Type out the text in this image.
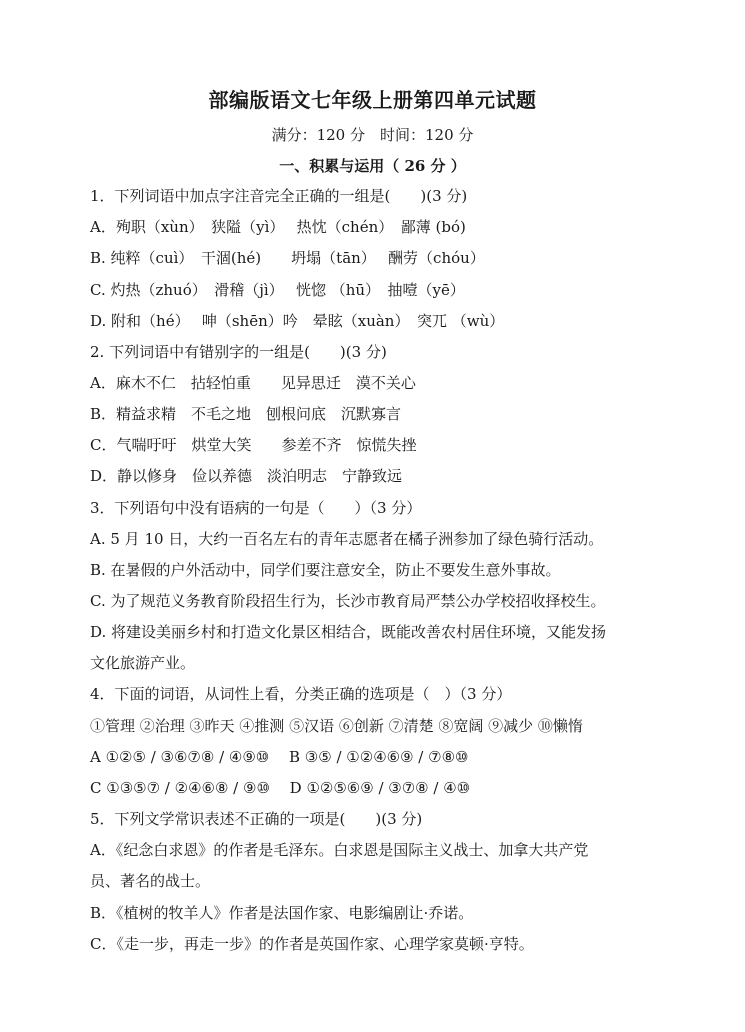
部编版语文七年级上册第四单元试题
满分：120 分　时间：120 分
一、积累与运用（ 26 分 ）
1．下列词语中加点字注音完全正确的一组是(　　)(3 分)
A．殉职（xùn）　狭隘（yì）　 热忱（chén）　鄙薄 (bó)
B. 纯粹（cuì）　干涸(hé)　　坍塌（tān）　 酬劳（chóu）
C. 灼热（zhuó）　滑稽（jì）　 恍惚 （hū）　抽噎（yē）
D. 附和（hé）　 呻（shēn）吟　晕眩（xuàn）　突兀 （wù）
2. 下列词语中有错别字的一组是(　　)(3 分)
A．麻木不仁　拈轻怕重　　见异思迁　漠不关心
B．精益求精　不毛之地　刨根问底　沉默寡言
C．气喘吁吁　烘堂大笑　　参差不齐　惊慌失挫
D．静以修身　俭以养德　淡泊明志　宁静致远
3．下列语句中没有语病的一句是（　　）（3 分）
A. 5 月 10 日，大约一百名左右的青年志愿者在橘子洲参加了绿色骑行活动。
B. 在暑假的户外活动中，同学们要注意安全，防止不要发生意外事故。
C. 为了规范义务教育阶段招生行为，长沙市教育局严禁公办学校招收择校生。
D. 将建设美丽乡村和打造文化景区相结合，既能改善农村居住环境，又能发扬
文化旅游产业。
4．下面的词语，从词性上看，分类正确的选项是（　）（3 分）
①管理 ②治理 ③昨天 ④推测 ⑤汉语 ⑥创新 ⑦清楚 ⑧宽阔 ⑨减少 ⑩懒惰
A ①②⑤ / ③⑥⑦⑧ / ④⑨⑩　 B ③⑤ / ①②④⑥⑨ / ⑦⑧⑩
C ①③⑤⑦ / ②④⑥⑧ / ⑨⑩　 D ①②⑤⑥⑨ / ③⑦⑧ / ④⑩
5．下列文学常识表述不正确的一项是(　　)(3 分)
A．《纪念白求恩》的作者是毛泽东。白求恩是国际主义战士、加拿大共产党
员、著名的战士。
B．《植树的牧羊人》作者是法国作家、电影编剧让·乔诺。
C．《走一步，再走一步》的作者是英国作家、心理学家莫顿·亨特。
